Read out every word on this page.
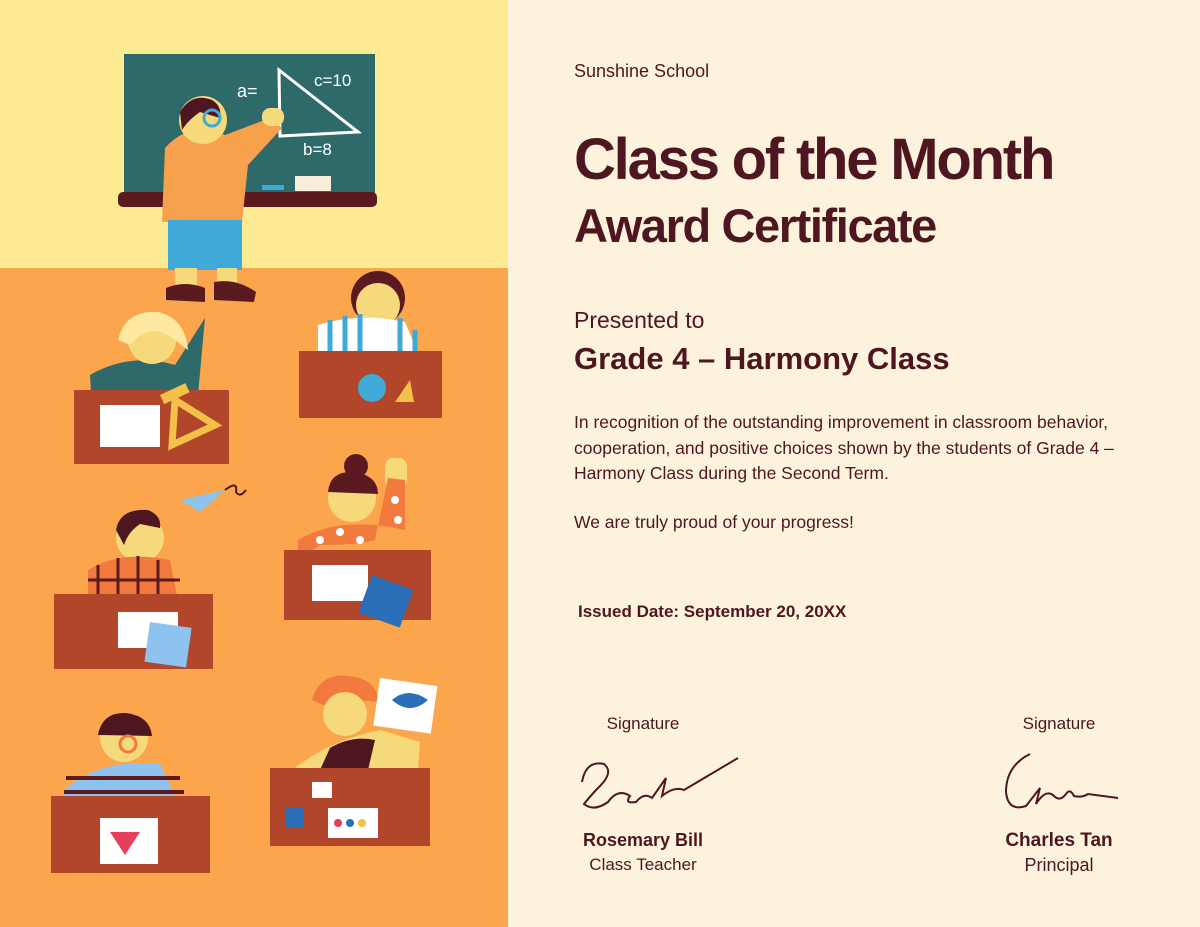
a=
c=10
b=8

Sunshine School

Class of the Month

Award Certificate

Presented to

Grade 4 – Harmony Class

In recognition of the outstanding improvement in classroom behavior, cooperation, and positive choices shown by the students of Grade 4 – Harmony Class during the Second Term.

We are truly proud of your progress!

Issued Date: September 20, 20XX

Signature
Rosemary Bill
Class Teacher
Signature
Charles Tan
Principal
